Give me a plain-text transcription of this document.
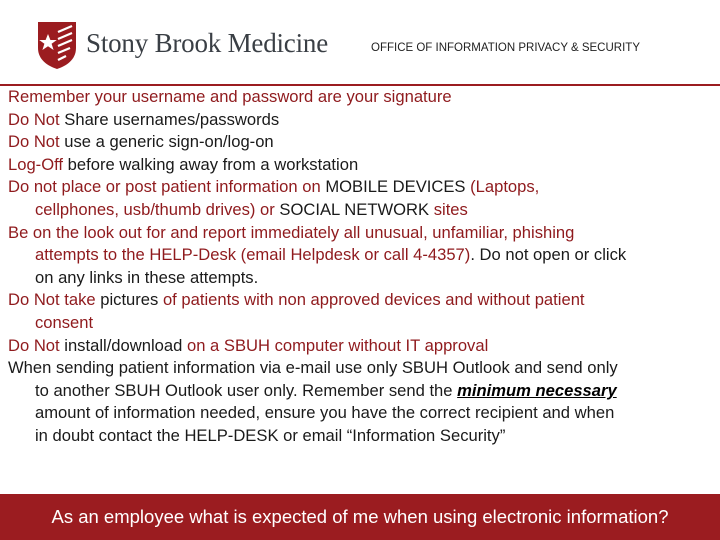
Stony Brook Medicine	OFFICE OF INFORMATION PRIVACY & SECURITY
Remember your username and password are your signature
Do Not Share usernames/passwords
Do Not use a generic sign-on/log-on
Log-Off before walking away from a workstation
Do not place or post patient information on MOBILE DEVICES (Laptops,
cellphones, usb/thumb drives) or SOCIAL NETWORK sites
Be on the look out for and report immediately all unusual, unfamiliar, phishing
attempts to the HELP-Desk (email Helpdesk or call 4-4357). Do not open or click
on any links in these attempts.
Do Not take pictures of patients with non approved devices and without patient
consent
Do Not install/download on a SBUH computer without IT approval
When sending patient information via e-mail use only SBUH Outlook and send only
to another SBUH Outlook user only. Remember send the minimum necessary
amount of information needed, ensure you have the correct recipient and when
in doubt contact the HELP-DESK or email “Information Security”
As an employee what is expected of me when using electronic information?
